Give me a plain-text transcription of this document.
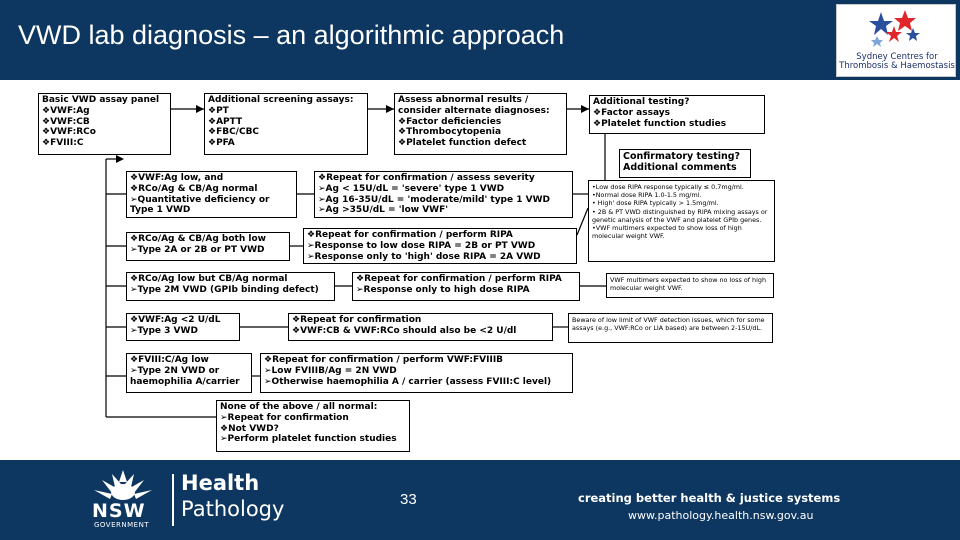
VWD lab diagnosis – an algorithmic approach
Sydney Centres for
Thrombosis & Haemostasis
Basic VWD assay panel
❖VWF:Ag
❖VWF:CB
❖VWF:RCo
❖FVIII:C
Additional screening assays:
❖PT
❖APTT
❖FBC/CBC
❖PFA
Assess abnormal results /
consider alternate diagnoses:
❖Factor deficiencies
❖Thrombocytopenia
❖Platelet function defect
Additional testing?
❖Factor assays
❖Platelet function studies
Confirmatory testing?
Additional comments
❖VWF:Ag low, and
❖RCo/Ag & CB/Ag normal
➢Quantitative deficiency or
Type 1 VWD
❖Repeat for confirmation / assess severity
➢Ag < 15U/dL = 'severe' type 1 VWD
➢Ag 16-35U/dL = 'moderate/mild' type 1 VWD
➢Ag >35U/dL = 'low VWF'
•Low dose RIPA response typically ≤ 0.7mg/ml.
•Normal dose RIPA 1.0-1.5 mg/ml.
• High' dose RIPA typically > 1.5mg/ml.
• 2B & PT VWD distinguished by RIPA mixing assays or genetic analysis of the VWF and platelet GPIb genes.
•VWF multimers expected to show loss of high molecular weight VWF.
❖RCo/Ag & CB/Ag both low
➢Type 2A or 2B or PT VWD
❖Repeat for confirmation / perform RIPA
➢Response to low dose RIPA = 2B or PT VWD
➢Response only to 'high' dose RIPA = 2A VWD
❖RCo/Ag low but CB/Ag normal
➢Type 2M VWD (GPIb binding defect)
❖Repeat for confirmation / perform RIPA
➢Response only to high dose RIPA
VWF multimers expected to show no loss of high molecular weight VWF.
❖VWF:Ag <2 U/dL
➢Type 3 VWD
❖Repeat for confirmation
❖VWF:CB & VWF:RCo should also be <2 U/dl
Beware of low limit of VWF detection issues, which for some assays (e.g., VWF:RCo or LIA based) are between 2-15U/dL.
❖FVIII:C/Ag low
➢Type 2N VWD or
haemophilia A/carrier
❖Repeat for confirmation / perform VWF:FVIIIB
➢Low FVIIIB/Ag = 2N VWD
➢Otherwise haemophilia A / carrier (assess FVIII:C level)
None of the above / all normal:
➢Repeat for confirmation
❖Not VWD?
➢Perform platelet function studies
NSW
GOVERNMENT
Health
Pathology	33	creating better health & justice systems
www.pathology.health.nsw.gov.au
